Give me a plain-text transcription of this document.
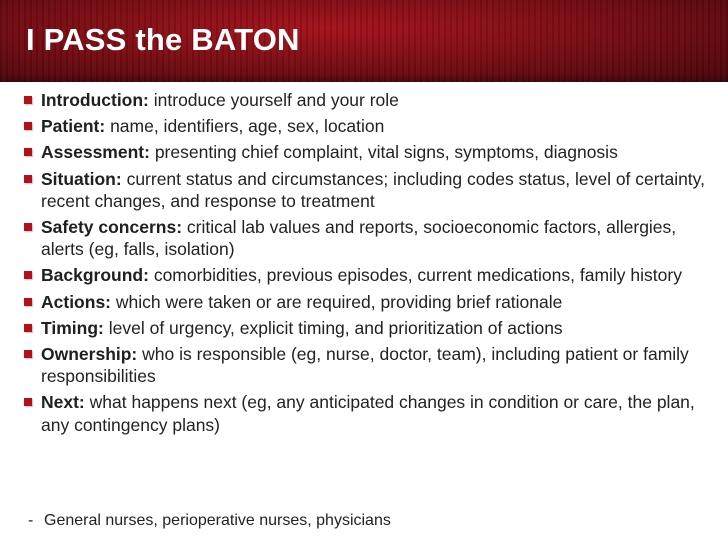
I PASS the BATON
Introduction: introduce yourself and your role
Patient: name, identifiers, age, sex, location
Assessment: presenting chief complaint, vital signs, symptoms, diagnosis
Situation: current status and circumstances; including codes status, level of certainty, recent changes, and response to treatment
Safety concerns: critical lab values and reports, socioeconomic factors, allergies, alerts (eg, falls, isolation)
Background: comorbidities, previous episodes, current medications, family history
Actions: which were taken or are required, providing brief rationale
Timing: level of urgency, explicit timing, and prioritization of actions
Ownership: who is responsible (eg, nurse, doctor, team), including patient or family responsibilities
Next: what happens next (eg, any anticipated changes in condition or care, the plan, any contingency plans)
- General nurses, perioperative nurses, physicians
